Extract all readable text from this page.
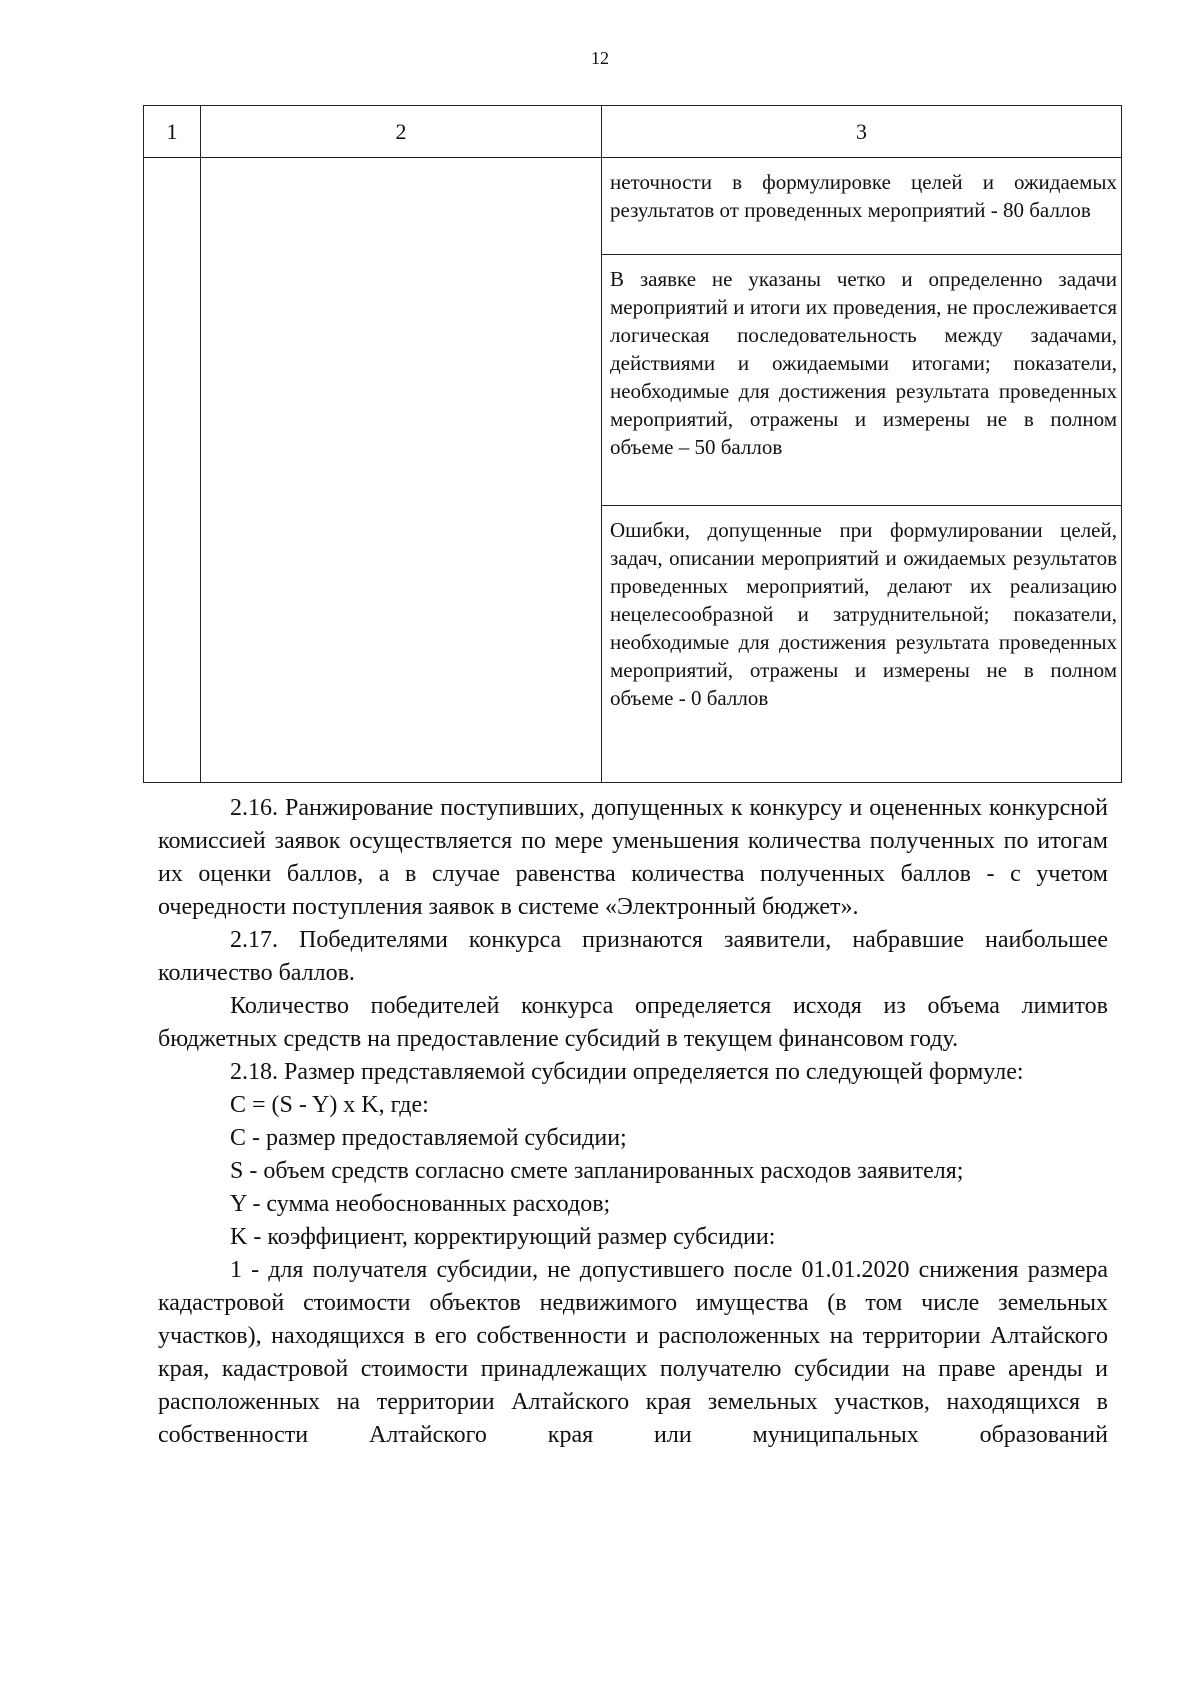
12
1	2	3

		неточности в формулировке целей и ожидаемых результатов от проведенных мероприятий - 80 баллов

		В заявке не указаны четко и определенно задачи мероприятий и итоги их проведения, не прослеживается логическая последовательность между задачами, действиями и ожидаемыми итогами; показатели, необходимые для достижения результата проведенных мероприятий, отражены и измерены не в полном объеме – 50 баллов

		Ошибки, допущенные при формулировании целей, задач, описании мероприятий и ожидаемых результатов проведенных мероприятий, делают их реализацию нецелесообразной и затруднительной; показатели, необходимые для достижения результата проведенных мероприятий, отражены и измерены не в полном объеме - 0 баллов

2.16. Ранжирование поступивших, допущенных к конкурсу и оцененных конкурсной комиссией заявок осуществляется по мере уменьшения количества полученных по итогам их оценки баллов, а в случае равенства количества полученных баллов - с учетом очередности поступления заявок в системе «Электронный бюджет».

2.17. Победителями конкурса признаются заявители, набравшие наибольшее количество баллов.

Количество победителей конкурса определяется исходя из объема лимитов бюджетных средств на предоставление субсидий в текущем финансовом году.

2.18. Размер представляемой субсидии определяется по следующей формуле:

C = (S - Y) x K, где:

C - размер предоставляемой субсидии;

S - объем средств согласно смете запланированных расходов заявителя;

Y - сумма необоснованных расходов;

K - коэффициент, корректирующий размер субсидии:

1 - для получателя субсидии, не допустившего после 01.01.2020 снижения размера кадастровой стоимости объектов недвижимого имущества (в том числе земельных участков), находящихся в его собственности и расположенных на территории Алтайского края, кадастровой стоимости принадлежащих получателю субсидии на праве аренды и расположенных на территории Алтайского края земельных участков, находящихся в собственности Алтайского края или муниципальных образований
